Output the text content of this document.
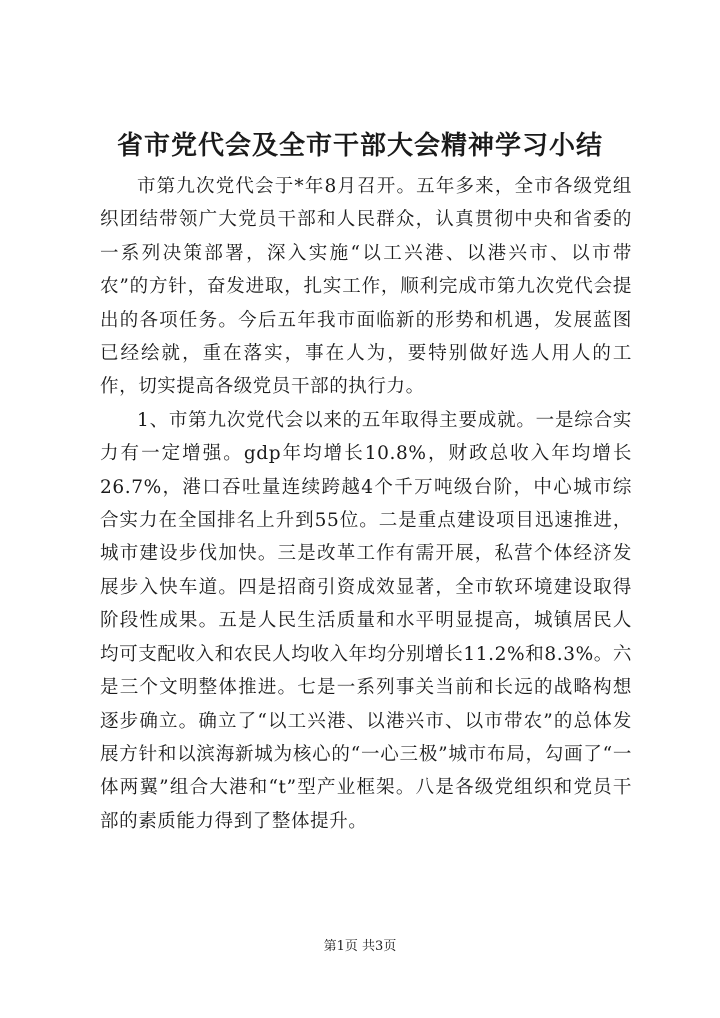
省市党代会及全市干部大会精神学习小结

市第九次党代会于*年8月召开。五年多来，全市各级党组织团结带领广大党员干部和人民群众，认真贯彻中央和省委的一系列决策部署，深入实施“以工兴港、以港兴市、以市带农”的方针，奋发进取，扎实工作，顺利完成市第九次党代会提出的各项任务。今后五年我市面临新的形势和机遇，发展蓝图已经绘就，重在落实，事在人为，要特别做好选人用人的工作，切实提高各级党员干部的执行力。

1、市第九次党代会以来的五年取得主要成就。一是综合实力有一定增强。gdp年均增长10.8%，财政总收入年均增长26.7%，港口吞吐量连续跨越4个千万吨级台阶，中心城市综合实力在全国排名上升到55位。二是重点建设项目迅速推进，城市建设步伐加快。三是改革工作有需开展，私营个体经济发展步入快车道。四是招商引资成效显著，全市软环境建设取得阶段性成果。五是人民生活质量和水平明显提高，城镇居民人均可支配收入和农民人均收入年均分别增长11.2%和8.3%。六是三个文明整体推进。七是一系列事关当前和长远的战略构想逐步确立。确立了“以工兴港、以港兴市、以市带农”的总体发展方针和以滨海新城为核心的“一心三极”城市布局，勾画了“一体两翼”组合大港和“t”型产业框架。八是各级党组织和党员干部的素质能力得到了整体提升。

第1页 共3页
